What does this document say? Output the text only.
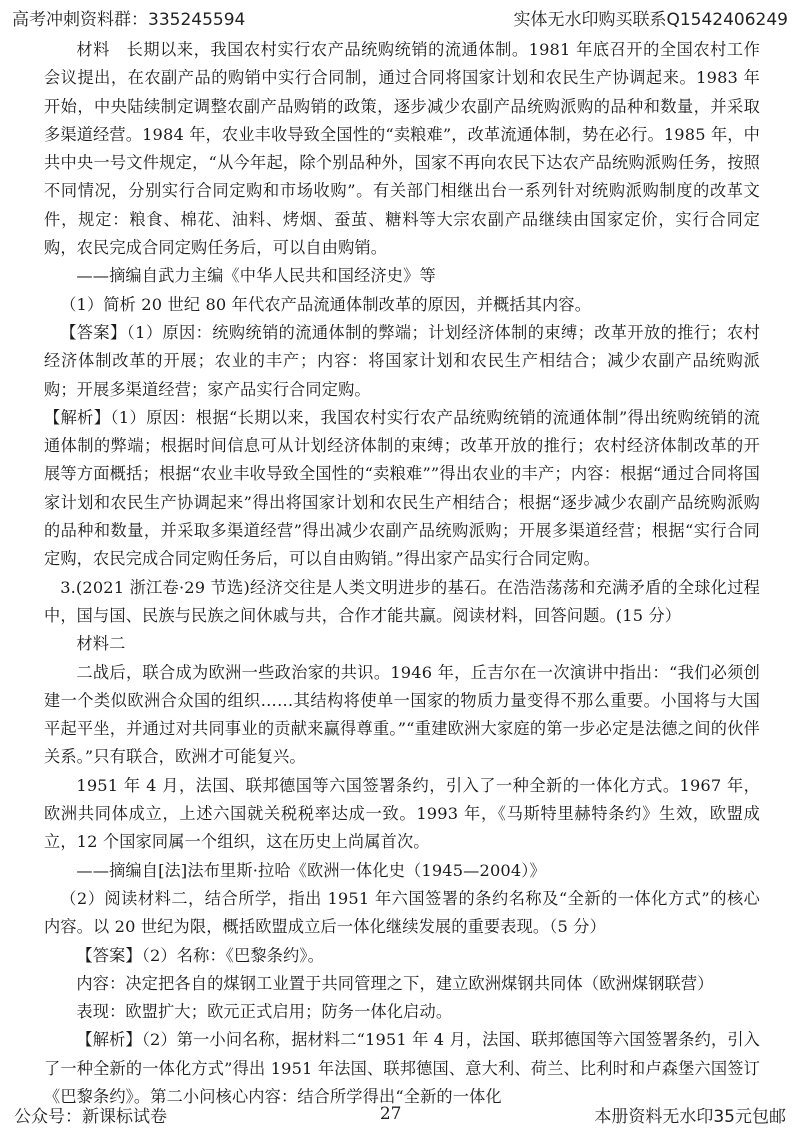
高考冲刺资料群：335245594	实体无水印购买联系Q1542406249

材料　长期以来，我国农村实行农产品统购统销的流通体制。1981 年底召开的全国农村工作会议提出，在农副产品的购销中实行合同制，通过合同将国家计划和农民生产协调起来。1983 年开始，中央陆续制定调整农副产品购销的政策，逐步减少农副产品统购派购的品种和数量，并采取多渠道经营。1984 年，农业丰收导致全国性的“卖粮难”，改革流通体制，势在必行。1985 年，中共中央一号文件规定，“从今年起，除个别品种外，国家不再向农民下达农产品统购派购任务，按照不同情况，分别实行合同定购和市场收购”。有关部门相继出台一系列针对统购派购制度的改革文件，规定：粮食、棉花、油料、烤烟、蚕茧、糖料等大宗农副产品继续由国家定价，实行合同定购，农民完成合同定购任务后，可以自由购销。

——摘编自武力主编《中华人民共和国经济史》等

（1）简析 20 世纪 80 年代农产品流通体制改革的原因，并概括其内容。

【答案】（1）原因：统购统销的流通体制的弊端；计划经济体制的束缚；改革开放的推行；农村经济体制改革的开展；农业的丰产；内容：将国家计划和农民生产相结合；减少农副产品统购派购；开展多渠道经营；家产品实行合同定购。

【解析】（1）原因：根据“长期以来，我国农村实行农产品统购统销的流通体制”得出统购统销的流通体制的弊端；根据时间信息可从计划经济体制的束缚；改革开放的推行；农村经济体制改革的开展等方面概括；根据“农业丰收导致全国性的“卖粮难””得出农业的丰产；内容：根据“通过合同将国家计划和农民生产协调起来”得出将国家计划和农民生产相结合；根据“逐步减少农副产品统购派购的品种和数量，并采取多渠道经营”得出减少农副产品统购派购；开展多渠道经营；根据“实行合同定购，农民完成合同定购任务后，可以自由购销。”得出家产品实行合同定购。

3.(2021 浙江卷·29 节选)经济交往是人类文明进步的基石。在浩浩荡荡和充满矛盾的全球化过程中，国与国、民族与民族之间休戚与共，合作才能共赢。阅读材料，回答问题。(15 分）

材料二

二战后，联合成为欧洲一些政治家的共识。1946 年，丘吉尔在一次演讲中指出：“我们必须创建一个类似欧洲合众国的组织……其结构将使单一国家的物质力量变得不那么重要。小国将与大国平起平坐，并通过对共同事业的贡献来赢得尊重。”“重建欧洲大家庭的第一步必定是法德之间的伙伴关系。”只有联合，欧洲才可能复兴。

1951 年 4 月，法国、联邦德国等六国签署条约，引入了一种全新的一体化方式。1967 年，欧洲共同体成立，上述六国就关税税率达成一致。1993 年，《马斯特里赫特条约》生效，欧盟成立，12 个国家同属一个组织，这在历史上尚属首次。

——摘编自[法]法布里斯·拉哈《欧洲一体化史（1945—2004）》

（2）阅读材料二，结合所学，指出 1951 年六国签署的条约名称及“全新的一体化方式”的核心内容。以 20 世纪为限，概括欧盟成立后一体化继续发展的重要表现。（5 分）

【答案】（2）名称：《巴黎条约》。

内容：决定把各自的煤钢工业置于共同管理之下，建立欧洲煤钢共同体（欧洲煤钢联营）

表现：欧盟扩大；欧元正式启用；防务一体化启动。

【解析】（2）第一小问名称，据材料二“1951 年 4 月，法国、联邦德国等六国签署条约，引入了一种全新的一体化方式”得出 1951 年法国、联邦德国、意大利、荷兰、比利时和卢森堡六国签订《巴黎条约》。第二小问核心内容：结合所学得出“全新的一体化

公众号：新课标试卷	27	本册资料无水印35元包邮
